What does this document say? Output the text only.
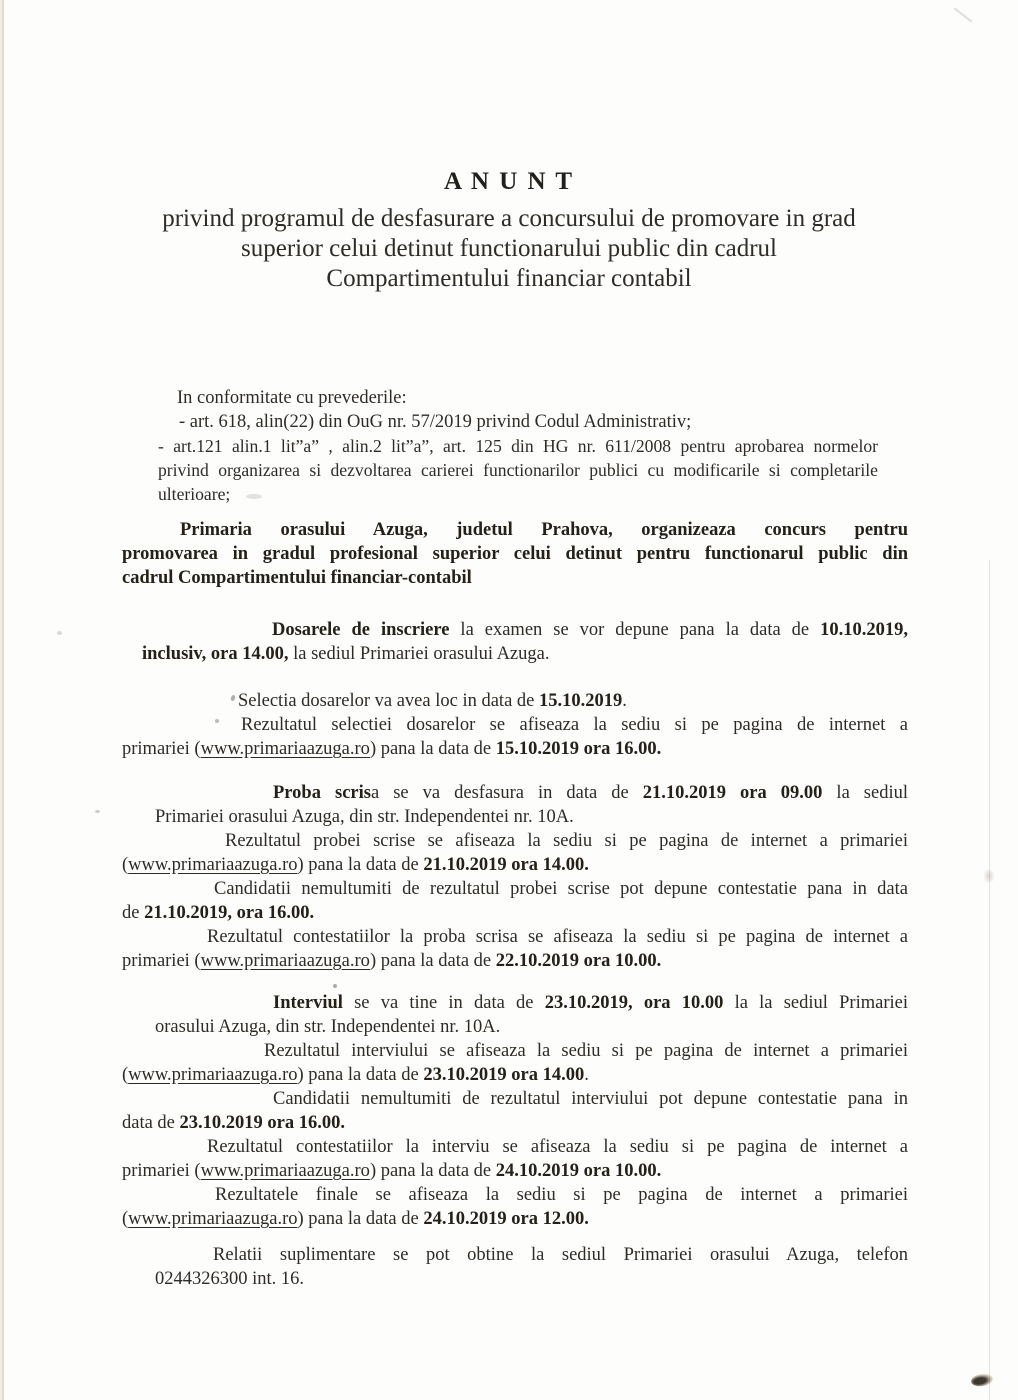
A N U N T
privind programul de desfasurare a concursului de promovare in grad
superior celui detinut functionarului public din cadrul
Compartimentului financiar contabil
In conformitate cu prevederile:
- art. 618, alin(22) din OuG nr. 57/2019 privind Codul Administrativ;
- art.121 alin.1 lit”a” , alin.2 lit”a”, art. 125 din HG nr. 611/2008 pentru aprobarea normelor
privind organizarea si dezvoltarea carierei functionarilor publici cu modificarile si completarile
ulterioare;
Primaria orasului Azuga, judetul Prahova, organizeaza concurs pentru
promovarea in gradul profesional superior celui detinut pentru functionarul public din
cadrul Compartimentului financiar-contabil
Dosarele de inscriere la examen se vor depune pana la data de 10.10.2019,
inclusiv, ora 14.00, la sediul Primariei orasului Azuga.
Selectia dosarelor va avea loc in data de 15.10.2019.
Rezultatul selectiei dosarelor se afiseaza la sediu si pe pagina de internet a
primariei (www.primariaazuga.ro) pana la data de 15.10.2019 ora 16.00.
Proba scrisa se va desfasura in data de 21.10.2019 ora 09.00 la sediul
Primariei orasului Azuga, din str. Independentei nr. 10A.
Rezultatul probei scrise se afiseaza la sediu si pe pagina de internet a primariei
(www.primariaazuga.ro) pana la data de 21.10.2019 ora 14.00.
Candidatii nemultumiti de rezultatul probei scrise pot depune contestatie pana in data
de 21.10.2019, ora 16.00.
Rezultatul contestatiilor la proba scrisa se afiseaza la sediu si pe pagina de internet a
primariei (www.primariaazuga.ro) pana la data de 22.10.2019 ora 10.00.
Interviul se va tine in data de 23.10.2019, ora 10.00 la la sediul Primariei
orasului Azuga, din str. Independentei nr. 10A.
Rezultatul interviului se afiseaza la sediu si pe pagina de internet a primariei
(www.primariaazuga.ro) pana la data de 23.10.2019 ora 14.00.
Candidatii nemultumiti de rezultatul interviului pot depune contestatie pana in
data de 23.10.2019 ora 16.00.
Rezultatul contestatiilor la interviu se afiseaza la sediu si pe pagina de internet a
primariei (www.primariaazuga.ro) pana la data de 24.10.2019 ora 10.00.
Rezultatele finale se afiseaza la sediu si pe pagina de internet a primariei
(www.primariaazuga.ro) pana la data de 24.10.2019 ora 12.00.
Relatii suplimentare se pot obtine la sediul Primariei orasului Azuga, telefon
0244326300 int. 16.
